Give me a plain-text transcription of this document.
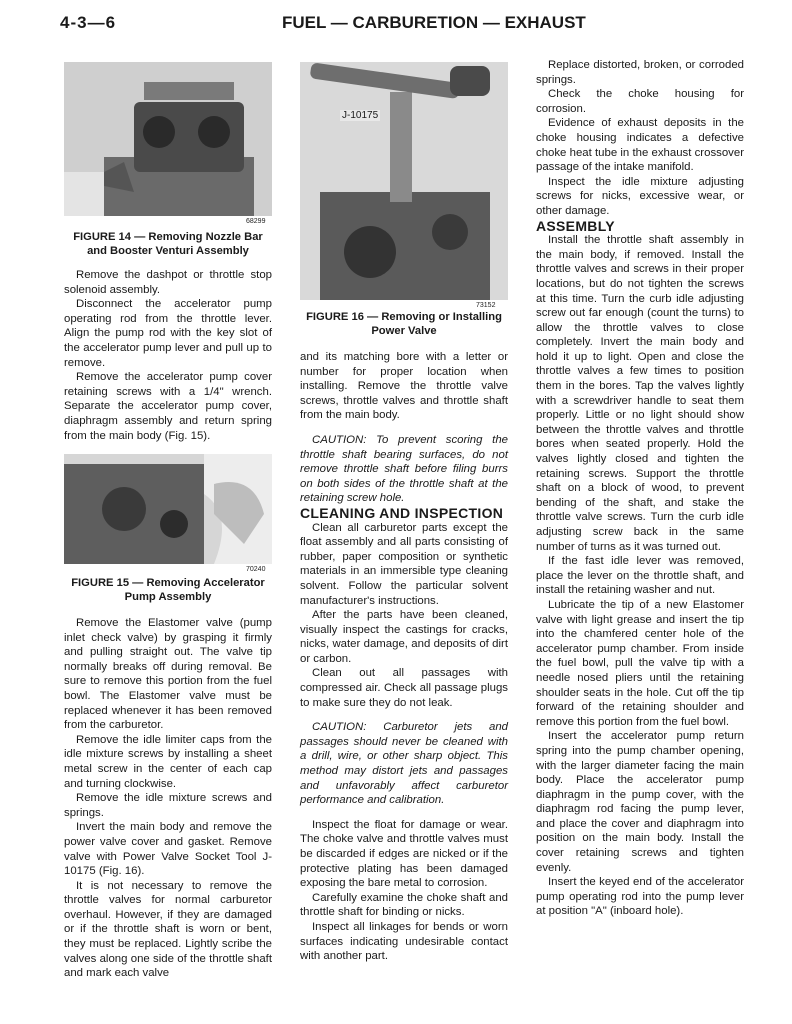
4-3—6	FUEL — CARBURETION — EXHAUST
68299
FIGURE 14 — Removing Nozzle Bar
and Booster Venturi Assembly

Remove the dashpot or throttle stop solenoid assembly.

Disconnect the accelerator pump operating rod from the throttle lever. Align the pump rod with the key slot of the accelerator pump lever and pull up to remove.

Remove the accelerator pump cover retaining screws with a 1/4" wrench. Separate the accelerator pump cover, diaphragm assembly and return spring from the main body (Fig. 15).

70240
FIGURE 15 — Removing Accelerator
Pump Assembly

Remove the Elastomer valve (pump inlet check valve) by grasping it firmly and pulling straight out. The valve tip normally breaks off during removal. Be sure to remove this portion from the fuel bowl. The Elastomer valve must be replaced whenever it has been removed from the carburetor.

Remove the idle limiter caps from the idle mixture screws by installing a sheet metal screw in the center of each cap and turning clockwise.

Remove the idle mixture screws and springs.

Invert the main body and remove the power valve cover and gasket. Remove valve with Power Valve Socket Tool J-10175 (Fig. 16).

It is not necessary to remove the throttle valves for normal carburetor overhaul. However, if they are damaged or if the throttle shaft is worn or bent, they must be replaced. Lightly scribe the valves along one side of the throttle shaft and mark each valve

J-10175
73152
FIGURE 16 — Removing or Installing
Power Valve

and its matching bore with a letter or number for proper location when installing. Remove the throttle valve screws, throttle valves and throttle shaft from the main body.

CAUTION: To prevent scoring the throttle shaft bearing surfaces, do not remove throttle shaft before filing burrs on both sides of the throttle shaft at the retaining screw hole.

CLEANING AND INSPECTION

Clean all carburetor parts except the float assembly and all parts consisting of rubber, paper composition or synthetic materials in an immersible type cleaning solvent. Follow the particular solvent manufacturer's instructions.

After the parts have been cleaned, visually inspect the castings for cracks, nicks, water damage, and deposits of dirt or carbon.

Clean out all passages with compressed air. Check all passage plugs to make sure they do not leak.

CAUTION: Carburetor jets and passages should never be cleaned with a drill, wire, or other sharp object. This method may distort jets and passages and unfavorably affect carburetor performance and calibration.

Inspect the float for damage or wear. The choke valve and throttle valves must be discarded if edges are nicked or if the protective plating has been damaged exposing the bare metal to corrosion.

Carefully examine the choke shaft and throttle shaft for binding or nicks.

Inspect all linkages for bends or worn surfaces indicating undesirable contact with another part.

Replace distorted, broken, or corroded springs.

Check the choke housing for corrosion.

Evidence of exhaust deposits in the choke housing indicates a defective choke heat tube in the exhaust crossover passage of the intake manifold.

Inspect the idle mixture adjusting screws for nicks, excessive wear, or other damage.

ASSEMBLY

Install the throttle shaft assembly in the main body, if removed. Install the throttle valves and screws in their proper locations, but do not tighten the screws at this time. Turn the curb idle adjusting screw out far enough (count the turns) to allow the throttle valves to close completely. Invert the main body and hold it up to light. Open and close the throttle valves a few times to position them in the bores. Tap the valves lightly with a screwdriver handle to seat them properly. Little or no light should show between the throttle valves and throttle bores when seated properly. Hold the valves lightly closed and tighten the retaining screws. Support the throttle shaft on a block of wood, to prevent bending of the shaft, and stake the throttle valve screws. Turn the curb idle adjusting screw back in the same number of turns as it was turned out.

If the fast idle lever was removed, place the lever on the throttle shaft, and install the retaining washer and nut.

Lubricate the tip of a new Elastomer valve with light grease and insert the tip into the chamfered center hole of the accelerator pump chamber. From inside the fuel bowl, pull the valve tip with a needle nosed pliers until the retaining shoulder seats in the hole. Cut off the tip forward of the retaining shoulder and remove this portion from the fuel bowl.

Insert the accelerator pump return spring into the pump chamber opening, with the larger diameter facing the main body. Place the accelerator pump diaphragm in the pump cover, with the diaphragm rod facing the pump lever, and place the cover and diaphragm into position on the main body. Install the cover retaining screws and tighten evenly.

Insert the keyed end of the accelerator pump operating rod into the pump lever at position "A" (inboard hole).
